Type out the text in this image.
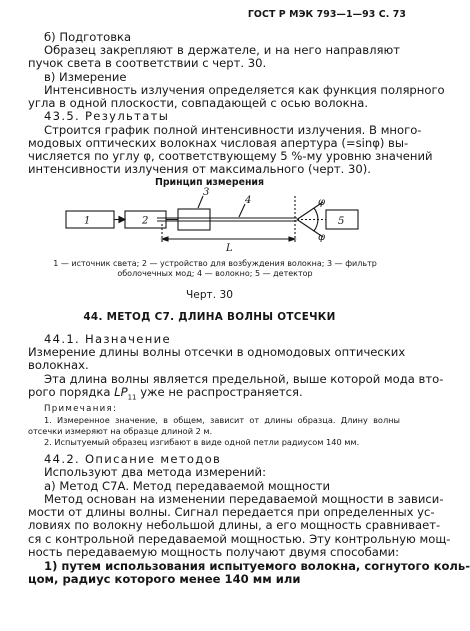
ГОСТ Р МЭК 793—1—93 С. 73
б) Подготовка
Образец закрепляют в держателе, и на него направляют
пучок света в соответствии с черт. 30.
в) Измерение
Интенсивность излучения определяется как функция полярного
угла в одной плоскости, совпадающей с осью волокна.
43.5. Результаты
Строится график полной интенсивности излучения. В много-
модовых оптических волокнах числовая апертура (=sinφ) вы-
числяется по углу φ, соответствующему 5 %-му уровню значений
интенсивности излучения от максимального (черт. 30).
Принцип измерения
1	2
3
4
5
L
φ
φ
1 — источник света; 2 — устройство для возбуждения волокна; 3 — фильтр
оболочечных мод; 4 — волокно; 5 — детектор
Черт. 30
44. МЕТОД С7. ДЛИНА ВОЛНЫ ОТСЕЧКИ
44.1. Назначение
Измерение длины волны отсечки в одномодовых оптических
волокнах.
Эта длина волны является предельной, выше которой мода вто-
рого порядка $LP_{11}$ уже не распространяется.
Примечания:
1. Измеренное значение, в общем, зависит от длины образца. Длину волны
отсечки измеряют на образце длиной 2 м.
2. Испытуемый образец изгибают в виде одной петли радиусом 140 мм.
44.2. Описание методов
Используют два метода измерений:
а) Метод С7А. Метод передаваемой мощности
Метод основан на изменении передаваемой мощности в зависи-
мости от длины волны. Сигнал передается при определенных ус-
ловиях по волокну небольшой длины, а его мощность сравнивает-
ся с контрольной передаваемой мощностью. Эту контрольную мощ-
ность передаваемую мощность получают двумя способами:
1) путем использования испытуемого волокна, согнутого коль-
цом, радиус которого менее 140 мм или
